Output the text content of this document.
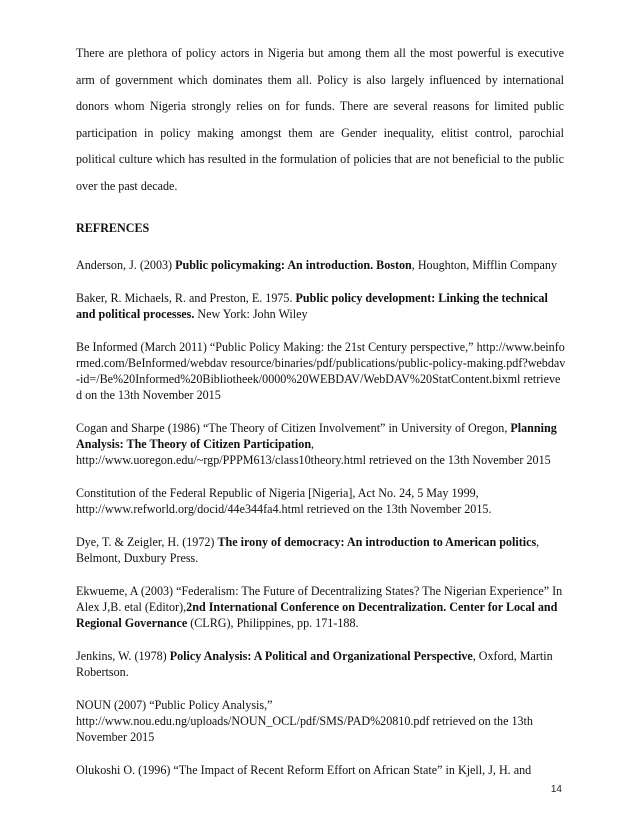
There are plethora of policy actors in Nigeria but among them all the most powerful is executive arm of government which dominates them all. Policy is also largely influenced by international donors whom Nigeria strongly relies on for funds. There are several reasons for limited public participation in policy making amongst them are Gender inequality, elitist control, parochial political culture which has resulted in the formulation of policies that are not beneficial to the public over the past decade.

REFRENCES

Anderson, J. (2003) Public policymaking: An introduction. Boston, Houghton, Mifflin Company
Baker, R. Michaels, R. and Preston, E. 1975. Public policy development: Linking the technical and political processes. New York: John Wiley
Be Informed (March 2011) “Public Policy Making: the 21st Century perspective,” http://www.beinformed.com/BeInformed/webdav resource/binaries/pdf/publications/public-policy-making.pdf?webdav-id=/Be%20Informed%20Bibliotheek/0000%20WEBDAV/WebDAV%20StatContent.bixml retrieved on the 13th November 2015
Cogan and Sharpe (1986) “The Theory of Citizen Involvement” in University of Oregon, Planning Analysis: The Theory of Citizen Participation, http://www.uoregon.edu/~rgp/PPPM613/class10theory.html retrieved on the 13th November 2015
Constitution of the Federal Republic of Nigeria [Nigeria], Act No. 24, 5 May 1999, http://www.refworld.org/docid/44e344fa4.html retrieved on the 13th November 2015.
Dye, T. & Zeigler, H. (1972) The irony of democracy: An introduction to American politics, Belmont, Duxbury Press.
Ekwueme, A (2003) “Federalism: The Future of Decentralizing States? The Nigerian Experience” In Alex J,B. etal (Editor),2nd International Conference on Decentralization. Center for Local and Regional Governance (CLRG), Philippines, pp. 171-188.
Jenkins, W. (1978) Policy Analysis: A Political and Organizational Perspective, Oxford, Martin Robertson.
NOUN (2007) “Public Policy Analysis,” http://www.nou.edu.ng/uploads/NOUN_OCL/pdf/SMS/PAD%20810.pdf retrieved on the 13th November 2015
Olukoshi O. (1996) “The Impact of Recent Reform Effort on African State” in Kjell, J, H. and
14
